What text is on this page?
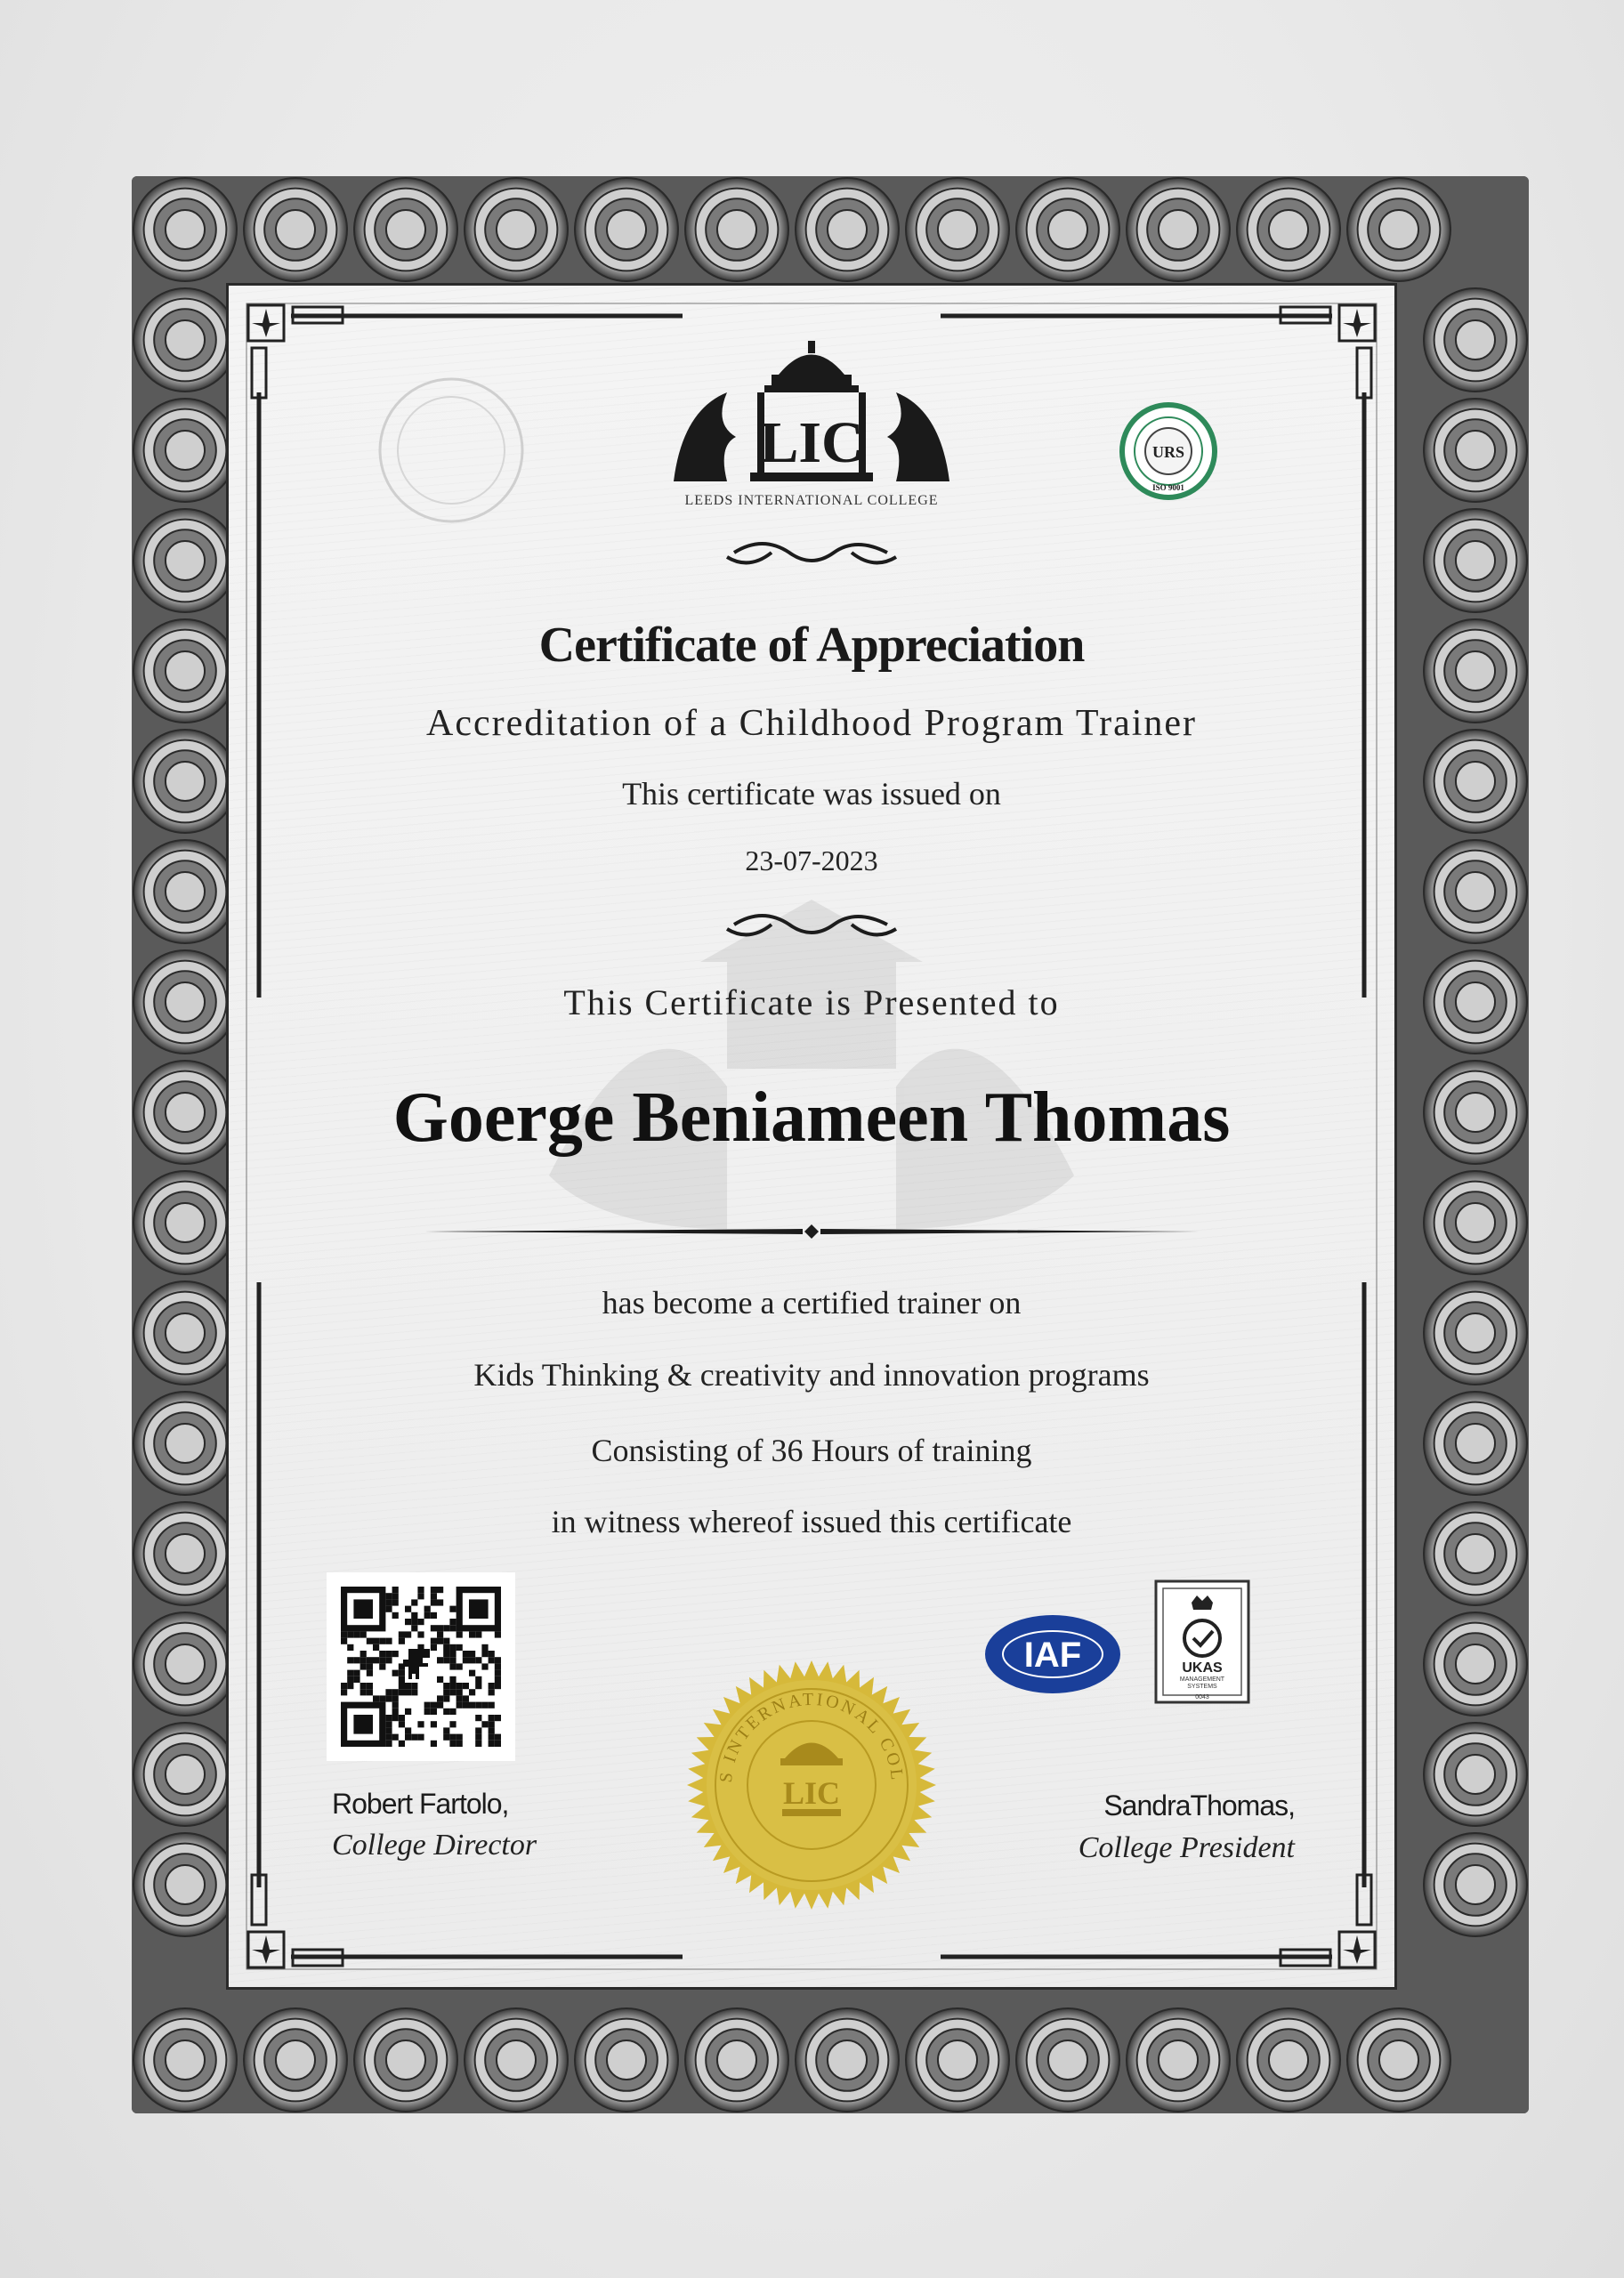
LIC
LEEDS INTERNATIONAL COLLEGE
URS
ISO 9001
Certificate of Appreciation
Accreditation of a Childhood Program Trainer
This certificate was issued on
23-07-2023
This Certificate is Presented to
Goerge Beniameen Thomas
has become a certified trainer on
Kids Thinking & creativity and innovation programs
Consisting of 36 Hours of training
in witness whereof issued this certificate
Robert Fartolo,
College Director
SandraThomas,
College President
S INTERNATIONAL COL
LIC
IAF	UKAS
MANAGEMENT
SYSTEMS
0043
